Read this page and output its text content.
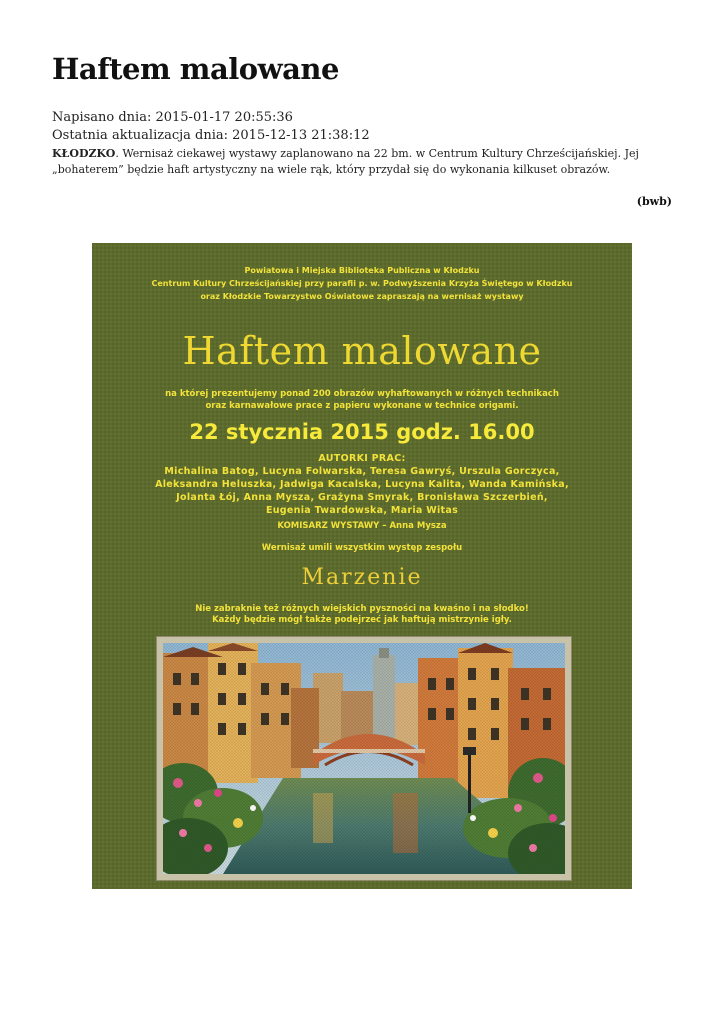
Haftem malowane
Napisano dnia: 2015-01-17 20:55:36
Ostatnia aktualizacja dnia: 2015-12-13 21:38:12
KŁODZKO. Wernisaż ciekawej wystawy zaplanowano na 22 bm. w Centrum Kultury Chrześcijańskiej. Jej
„bohaterem” będzie haft artystyczny na wiele rąk, który przydał się do wykonania kilkuset obrazów.
(bwb)
Powiatowa i Miejska Biblioteka Publiczna w Kłodzku
Centrum Kultury Chrześcijańskiej przy parafii p. w. Podwyższenia Krzyża Świętego w Kłodzku
oraz Kłodzkie Towarzystwo Oświatowe zapraszają na wernisaż wystawy
Haftem malowane
na której prezentujemy ponad 200 obrazów wyhaftowanych w różnych technikach
oraz karnawałowe prace z papieru wykonane w technice origami.
22 stycznia 2015 godz. 16.00
AUTORKI PRAC:
Michalina Batog, Lucyna Folwarska, Teresa Gawryś, Urszula Gorczyca,
Aleksandra Heluszka, Jadwiga Kacalska, Lucyna Kalita, Wanda Kamińska,
Jolanta Łój, Anna Mysza, Grażyna Smyrak, Bronisława Szczerbień,
Eugenia Twardowska, Maria Witas
KOMISARZ WYSTAWY – Anna Mysza
Wernisaż umili wszystkim występ zespołu
Marzenie
Nie zabraknie też różnych wiejskich pyszności na kwaśno i na słodko!
Każdy będzie mógł także podejrzeć jak haftują mistrzynie igły.
